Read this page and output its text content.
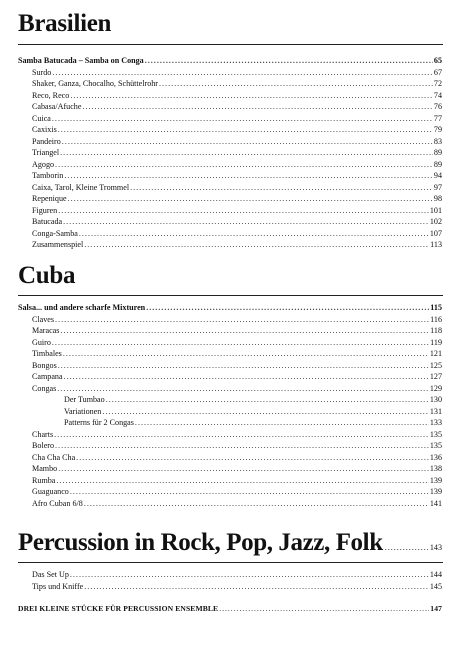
Brasilien
Samba Batucada – Samba on Conga .....	65
Surdo .....	67
Shaker, Ganza, Chocalho, Schüttelrohr .....	72
Reco, Reco .....	74
Cabasa/Afuche .....	76
Cuica .....	77
Caxixis .....	79
Pandeiro .....	83
Triangel .....	89
Agogo .....	89
Tamborin .....	94
Caixa, Tarol, Kleine Trommel .....	97
Repenique .....	98
Figuren .....	101
Batucada .....	102
Conga-Samba .....	107
Zusammenspiel .....	113
Cuba
Salsa... und andere scharfe Mixturen .....	115
Claves .....	116
Maracas .....	118
Guiro .....	119
Timbales .....	121
Bongos .....	125
Campana .....	127
Congas .....	129
Der Tumbao .....	130
Variationen .....	131
Patterns für 2 Congas .....	133
Charts .....	135
Bolero .....	135
Cha Cha Cha .....	136
Mambo .....	138
Rumba .....	139
Guaguanco .....	139
Afro Cuban 6/8 .....	141
Percussion in Rock, Pop, Jazz, Folk .....	143
Das Set Up .....	144
Tips und Kniffe .....	145
DREI KLEINE STÜCKE FÜR PERCUSSION ENSEMBLE .....	147
